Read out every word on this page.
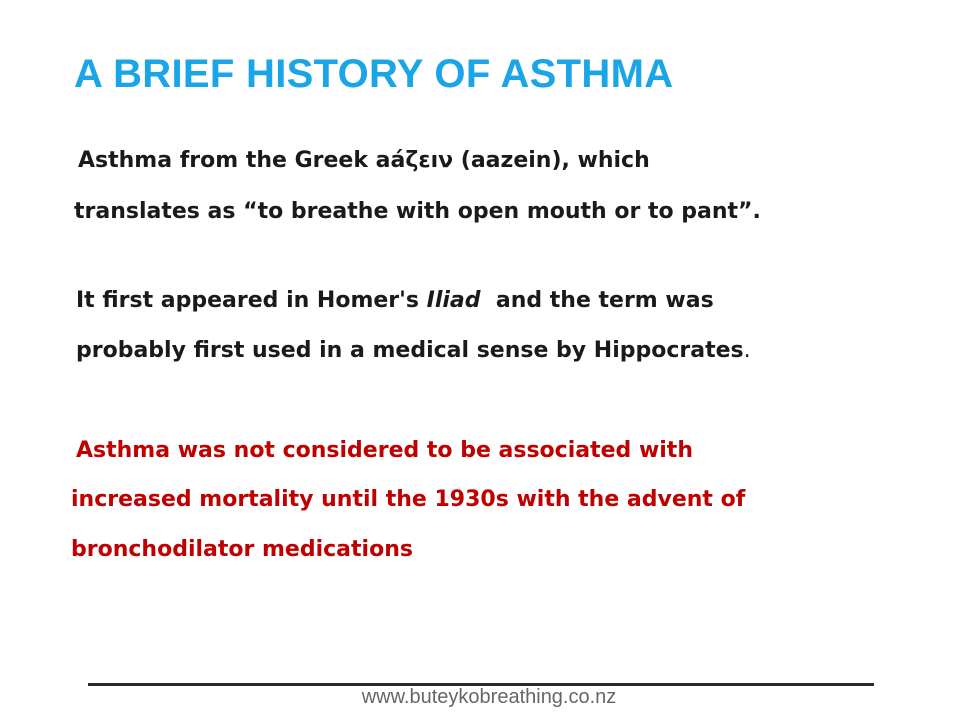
A BRIEF HISTORY OF ASTHMA
Asthma from the Greek aáζεıν (aazein), which
translates as “to breathe with open mouth or to pant”.
It first appeared in Homer's Iliad  and the term was
probably first used in a medical sense by Hippocrates.
Asthma was not considered to be associated with
increased mortality until the 1930s with the advent of
bronchodilator medications
www.buteykobreathing.co.nz
